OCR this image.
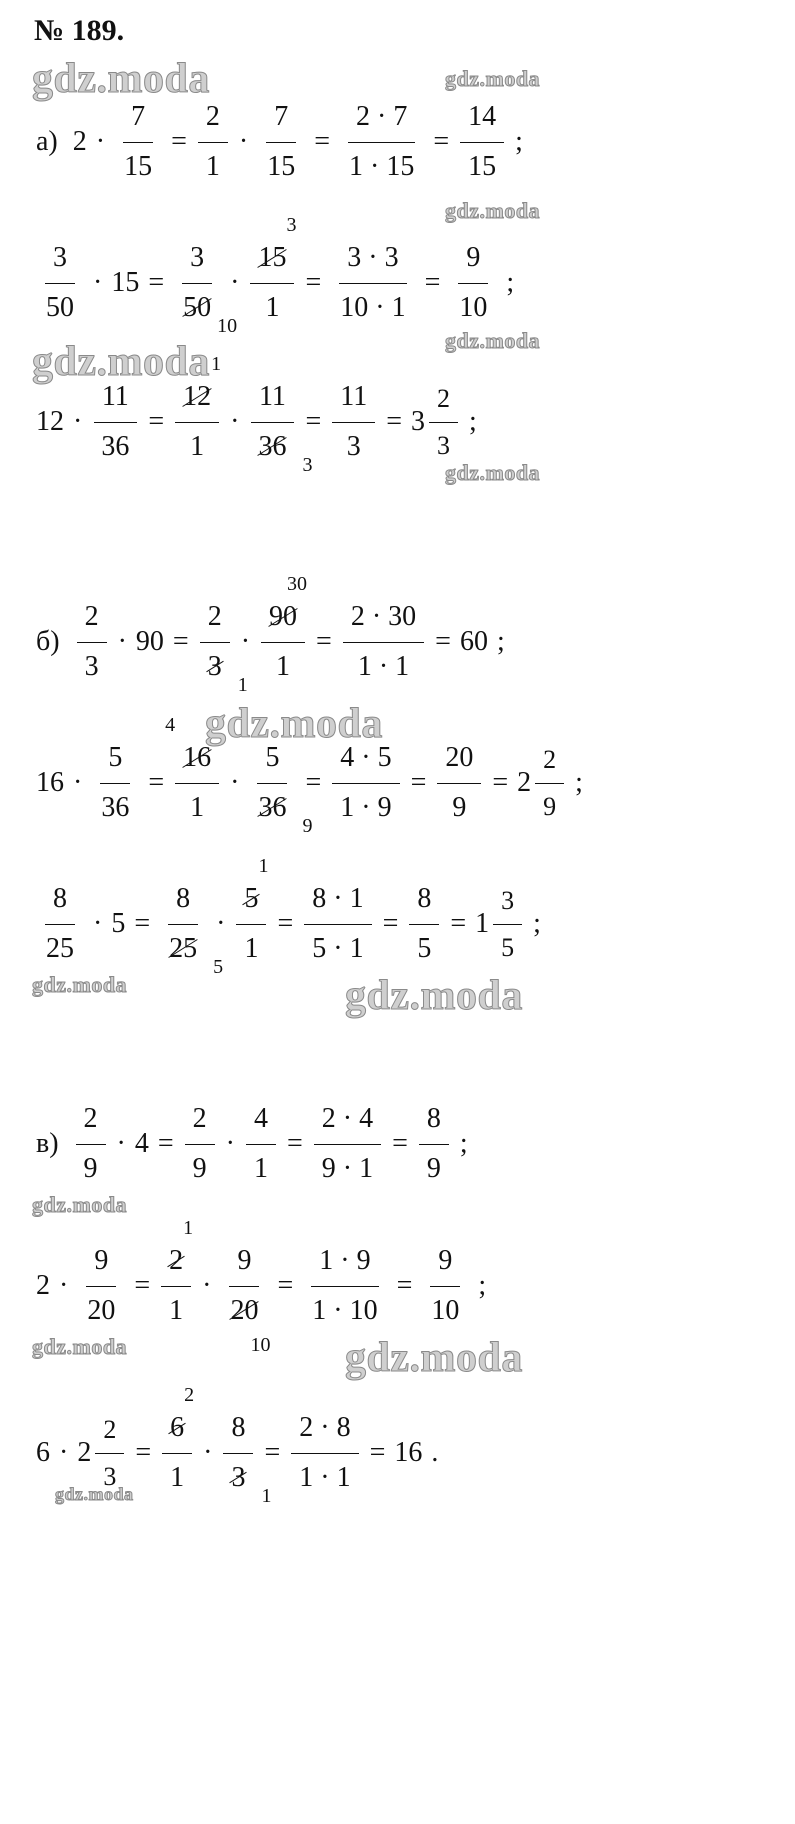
№ 189.
gdz.moda	gdz.moda
gdz.moda
gdz.moda
gdz.moda
gdz.moda
gdz.moda
gdz.moda	gdz.moda
gdz.moda
gdz.moda	gdz.moda
gdz.moda
а) $2 \cdot \frac{7}{15} = \frac{2}{1} \cdot \frac{7}{15} = \frac{2 \cdot 7}{1 \cdot 15} = \frac{14}{15}$ ;
$\frac{3}{50} \cdot 15 = 3$
50
10 · 15
3
$1 = \frac{3 \cdot 3}{10 \cdot 1} = \frac{9}{10}$ ;
$12 \cdot \frac{11}{36} = 12$
1
1 · 11
36
$3 = \frac{11}{3} = 3 \frac{2}{3}$ ;
$б) \frac{2}{3} \cdot 90 = 2$
3
1 · 90
30
$1 = \frac{2 \cdot 30}{1 \cdot 1} = 60$ ;
$16 \cdot \frac{5}{36} = 16$
4
1 · 5
36
$9 = \frac{4 \cdot 5}{1 \cdot 9} = \frac{20}{9} = 2 \frac{2}{9}$ ;
$\frac{8}{25} \cdot 5 = 8$
25
5 · 5
1
$1 = \frac{8 \cdot 1}{5 \cdot 1} = \frac{8}{5} = 1 \frac{3}{5}$ ;
$в) \frac{2}{9} \cdot 4 = \frac{2}{9} \cdot \frac{4}{1} = \frac{2 \cdot 4}{9 \cdot 1} = \frac{8}{9}$ ;
$2 \cdot \frac{9}{20} = 2$
1
1 · 9
20
$10 = \frac{1 \cdot 9}{1 \cdot 10} = \frac{9}{10}$ ;
$6 \cdot 2 \frac{2}{3} = 6$
2
1 · 8
3
$1 = \frac{2 \cdot 8}{1 \cdot 1} = 16$ .
